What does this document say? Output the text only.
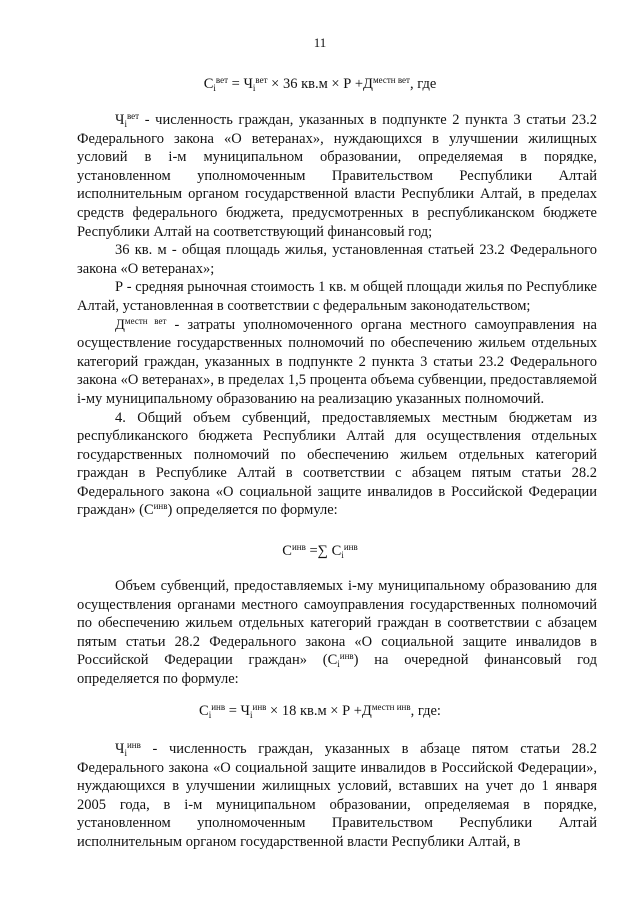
11
$C_i^{вет} = Ч_i^{вет} \times 36$ $кв.м \times Р +Д^{местн вет}$, где

$Ч_i^{вет}$ - численность граждан, указанных в подпункте 2 пункта 3 статьи 23.2 Федерального закона «О ветеранах», нуждающихся в улучшении жилищных условий в i-м муниципальном образовании, определяемая в порядке, установленном уполномоченным Правительством Республики Алтай исполнительным органом государственной власти Республики Алтай, в пределах средств федерального бюджета, предусмотренных в республиканском бюджете Республики Алтай на соответствующий финансовый год;

36 кв. м - общая площадь жилья, установленная статьей 23.2 Федерального закона «О ветеранах»;

Р - средняя рыночная стоимость 1 кв. м общей площади жилья по Республике Алтай, установленная в соответствии с федеральным законодательством;

$Д^{местн вет}$ - затраты уполномоченного органа местного самоуправления на осуществление государственных полномочий по обеспечению жильем отдельных категорий граждан, указанных в подпункте 2 пункта 3 статьи 23.2 Федерального закона «О ветеранах», в пределах 1,5 процента объема субвенции, предоставляемой i-му муниципальному образованию на реализацию указанных полномочий.

4. Общий объем субвенций, предоставляемых местным бюджетам из республиканского бюджета Республики Алтай для осуществления отдельных государственных полномочий по обеспечению жильем отдельных категорий граждан в Республике Алтай в соответствии с абзацем пятым статьи 28.2 Федерального закона «О социальной защите инвалидов в Российской Федерации граждан» $(C^{инв})$ определяется по формуле:

$C^{инв}$ =∑ $C_i^{инв}$

Объем субвенций, предоставляемых i-му муниципальному образованию для осуществления органами местного самоуправления государственных полномочий по обеспечению жильем отдельных категорий граждан в соответствии с абзацем пятым статьи 28.2 Федерального закона «О социальной защите инвалидов в Российской Федерации граждан» $(C_i^{инв})$ на очередной финансовый год определяется по формуле:

$C_i^{инв} = Ч_i^{инв} \times 18$ $кв.м \times Р +Д^{местн инв}$, где:

$Ч_i^{инв}$ - численность граждан, указанных в абзаце пятом статьи 28.2 Федерального закона «О социальной защите инвалидов в Российской Федерации», нуждающихся в улучшении жилищных условий, вставших на учет до 1 января 2005 года, в i-м муниципальном образовании, определяемая в порядке, установленном уполномоченным Правительством Республики Алтай исполнительным органом государственной власти Республики Алтай, в
